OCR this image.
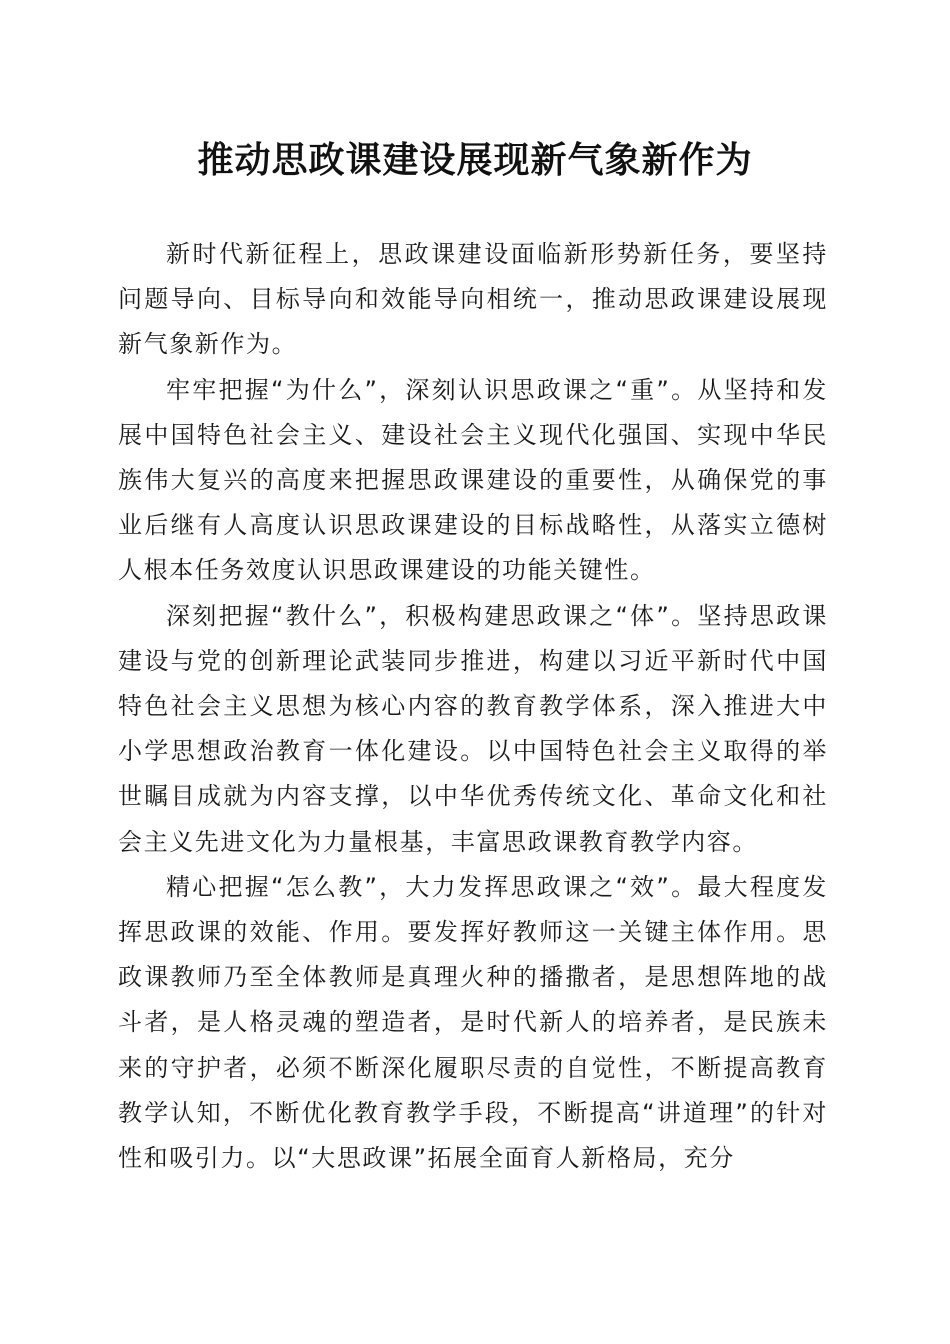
推动思政课建设展现新气象新作为

新时代新征程上，思政课建设面临新形势新任务，要坚持问题导向、目标导向和效能导向相统一，推动思政课建设展现新气象新作为。

牢牢把握“为什么”，深刻认识思政课之“重”。从坚持和发展中国特色社会主义、建设社会主义现代化强国、实现中华民族伟大复兴的高度来把握思政课建设的重要性，从确保党的事业后继有人高度认识思政课建设的目标战略性，从落实立德树人根本任务效度认识思政课建设的功能关键性。

深刻把握“教什么”，积极构建思政课之“体”。坚持思政课建设与党的创新理论武装同步推进，构建以习近平新时代中国特色社会主义思想为核心内容的教育教学体系，深入推进大中小学思想政治教育一体化建设。以中国特色社会主义取得的举世瞩目成就为内容支撑，以中华优秀传统文化、革命文化和社会主义先进文化为力量根基，丰富思政课教育教学内容。

精心把握“怎么教”，大力发挥思政课之“效”。最大程度发挥思政课的效能、作用。要发挥好教师这一关键主体作用。思政课教师乃至全体教师是真理火种的播撒者，是思想阵地的战斗者，是人格灵魂的塑造者，是时代新人的培养者，是民族未来的守护者，必须不断深化履职尽责的自觉性，不断提高教育教学认知，不断优化教育教学手段，不断提高“讲道理”的针对性和吸引力。以“大思政课”拓展全面育人新格局，充分
